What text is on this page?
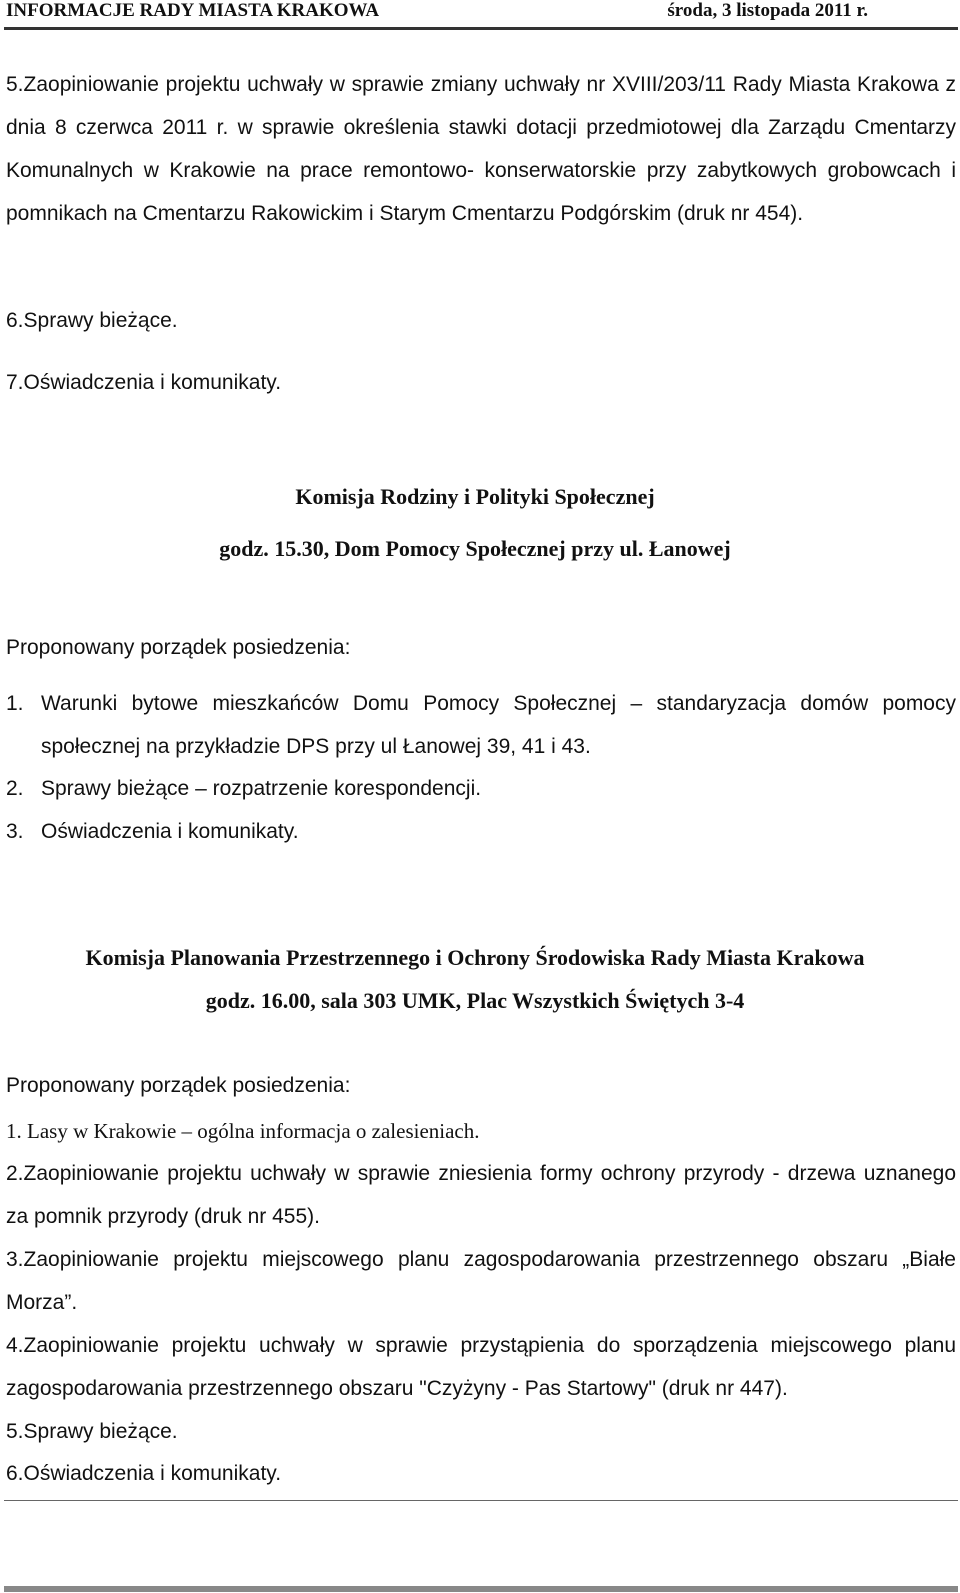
INFORMACJE RADY MIASTA KRAKOWA	środa, 3 listopada 2011 r.
5.Zaopiniowanie projektu uchwały w sprawie zmiany uchwały nr XVIII/203/11 Rady Miasta Krakowa z dnia 8 czerwca 2011 r. w sprawie określenia stawki dotacji przedmiotowej dla Zarządu Cmentarzy Komunalnych w Krakowie na prace remontowo- konserwatorskie przy zabytkowych grobowcach i pomnikach na Cmentarzu Rakowickim i Starym Cmentarzu Podgórskim (druk nr 454).
6.Sprawy bieżące.
7.Oświadczenia i komunikaty.
Komisja Rodziny i Polityki Społecznej
godz. 15.30, Dom Pomocy Społecznej przy ul. Łanowej
Proponowany porządek posiedzenia:
1. Warunki bytowe mieszkańców Domu Pomocy Społecznej – standaryzacja domów pomocy społecznej na przykładzie DPS przy ul Łanowej 39, 41 i 43.
2. Sprawy bieżące – rozpatrzenie korespondencji.
3. Oświadczenia i komunikaty.
Komisja Planowania Przestrzennego i Ochrony Środowiska Rady Miasta Krakowa
godz. 16.00, sala 303 UMK, Plac Wszystkich Świętych 3-4
Proponowany porządek posiedzenia:
1. Lasy w Krakowie – ogólna informacja o zalesieniach.
2.Zaopiniowanie projektu uchwały w sprawie zniesienia formy ochrony przyrody - drzewa uznanego za pomnik przyrody (druk nr 455).
3.Zaopiniowanie projektu miejscowego planu zagospodarowania przestrzennego obszaru „Białe Morza”.
4.Zaopiniowanie projektu uchwały w sprawie przystąpienia do sporządzenia miejscowego planu zagospodarowania przestrzennego obszaru "Czyżyny - Pas Startowy" (druk nr 447).
5.Sprawy bieżące.
6.Oświadczenia i komunikaty.
